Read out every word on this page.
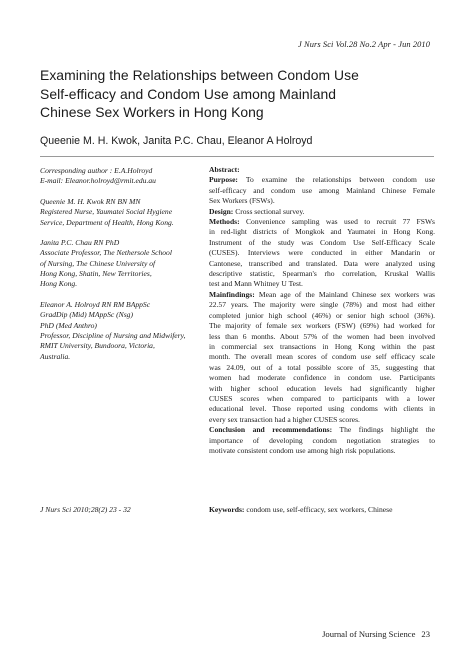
J Nurs Sci Vol.28 No.2 Apr - Jun 2010
Examining the Relationships between Condom Use
Self-efficacy and Condom Use among Mainland
Chinese Sex Workers in Hong Kong

Queenie M. H. Kwok, Janita P.C. Chau, Eleanor A Holroyd

Corresponding author : E.A.Holroyd
E-mail: Eleanor.holroyd@rmit.edu.au
Queenie M. H. Kwok RN BN MN
Registered Nurse, Yaumatei Social Hygiene
Service, Department of Health, Hong Kong.
Janita P.C. Chau RN PhD
Associate Professor, The Nethersole School
of Nursing, The Chinese University of
Hong Kong, Shatin, New Territories,
Hong Kong.
Eleanor A. Holroyd RN RM BAppSc
GradDip (Mid) MAppSc (Nsg)
PhD (Med Anthro)
Professor, Discipline of Nursing and Midwifery,
RMIT University, Bundoora, Victoria,
Australia.
Abstract:
Purpose: To examine the relationships between condom use
self-efficacy and condom use among Mainland Chinese Female
Sex Workers (FSWs).
Design: Cross sectional survey.
Methods: Convenience sampling was used to recruit 77 FSWs
in red-light districts of Mongkok and Yaumatei in Hong Kong.
Instrument of the study was Condom Use Self-Efficacy Scale
(CUSES). Interviews were conducted in either Mandarin or
Cantonese, transcribed and translated. Data were analyzed using
descriptive statistic, Spearman's rho correlation, Kruskal Wallis
test and Mann Whitney U Test.
Mainfindings: Mean age of the Mainland Chinese sex workers was
22.57 years. The majority were single (78%) and most had either
completed junior high school (46%) or senior high school (36%).
The majority of female sex workers (FSW) (69%) had worked for
less than 6 months. About 57% of the women had been involved
in commercial sex transactions in Hong Kong within the past
month. The overall mean scores of condom use self efficacy scale
was 24.09, out of a total possible score of 35, suggesting that
women had moderate confidence in condom use. Participants
with higher school education levels had significantly higher
CUSES scores when compared to participants with a lower
educational level. Those reported using condoms with clients in
every sex transaction had a higher CUSES scores.
Conclusion and recommendations: The findings highlight the
importance of developing condom negotiation strategies to
motivate consistent condom use among high risk populations.
J Nurs Sci 2010;28(2) 23 - 32	Keywords: condom use, self-efficacy, sex workers, Chinese
Journal of Nursing Science 23
